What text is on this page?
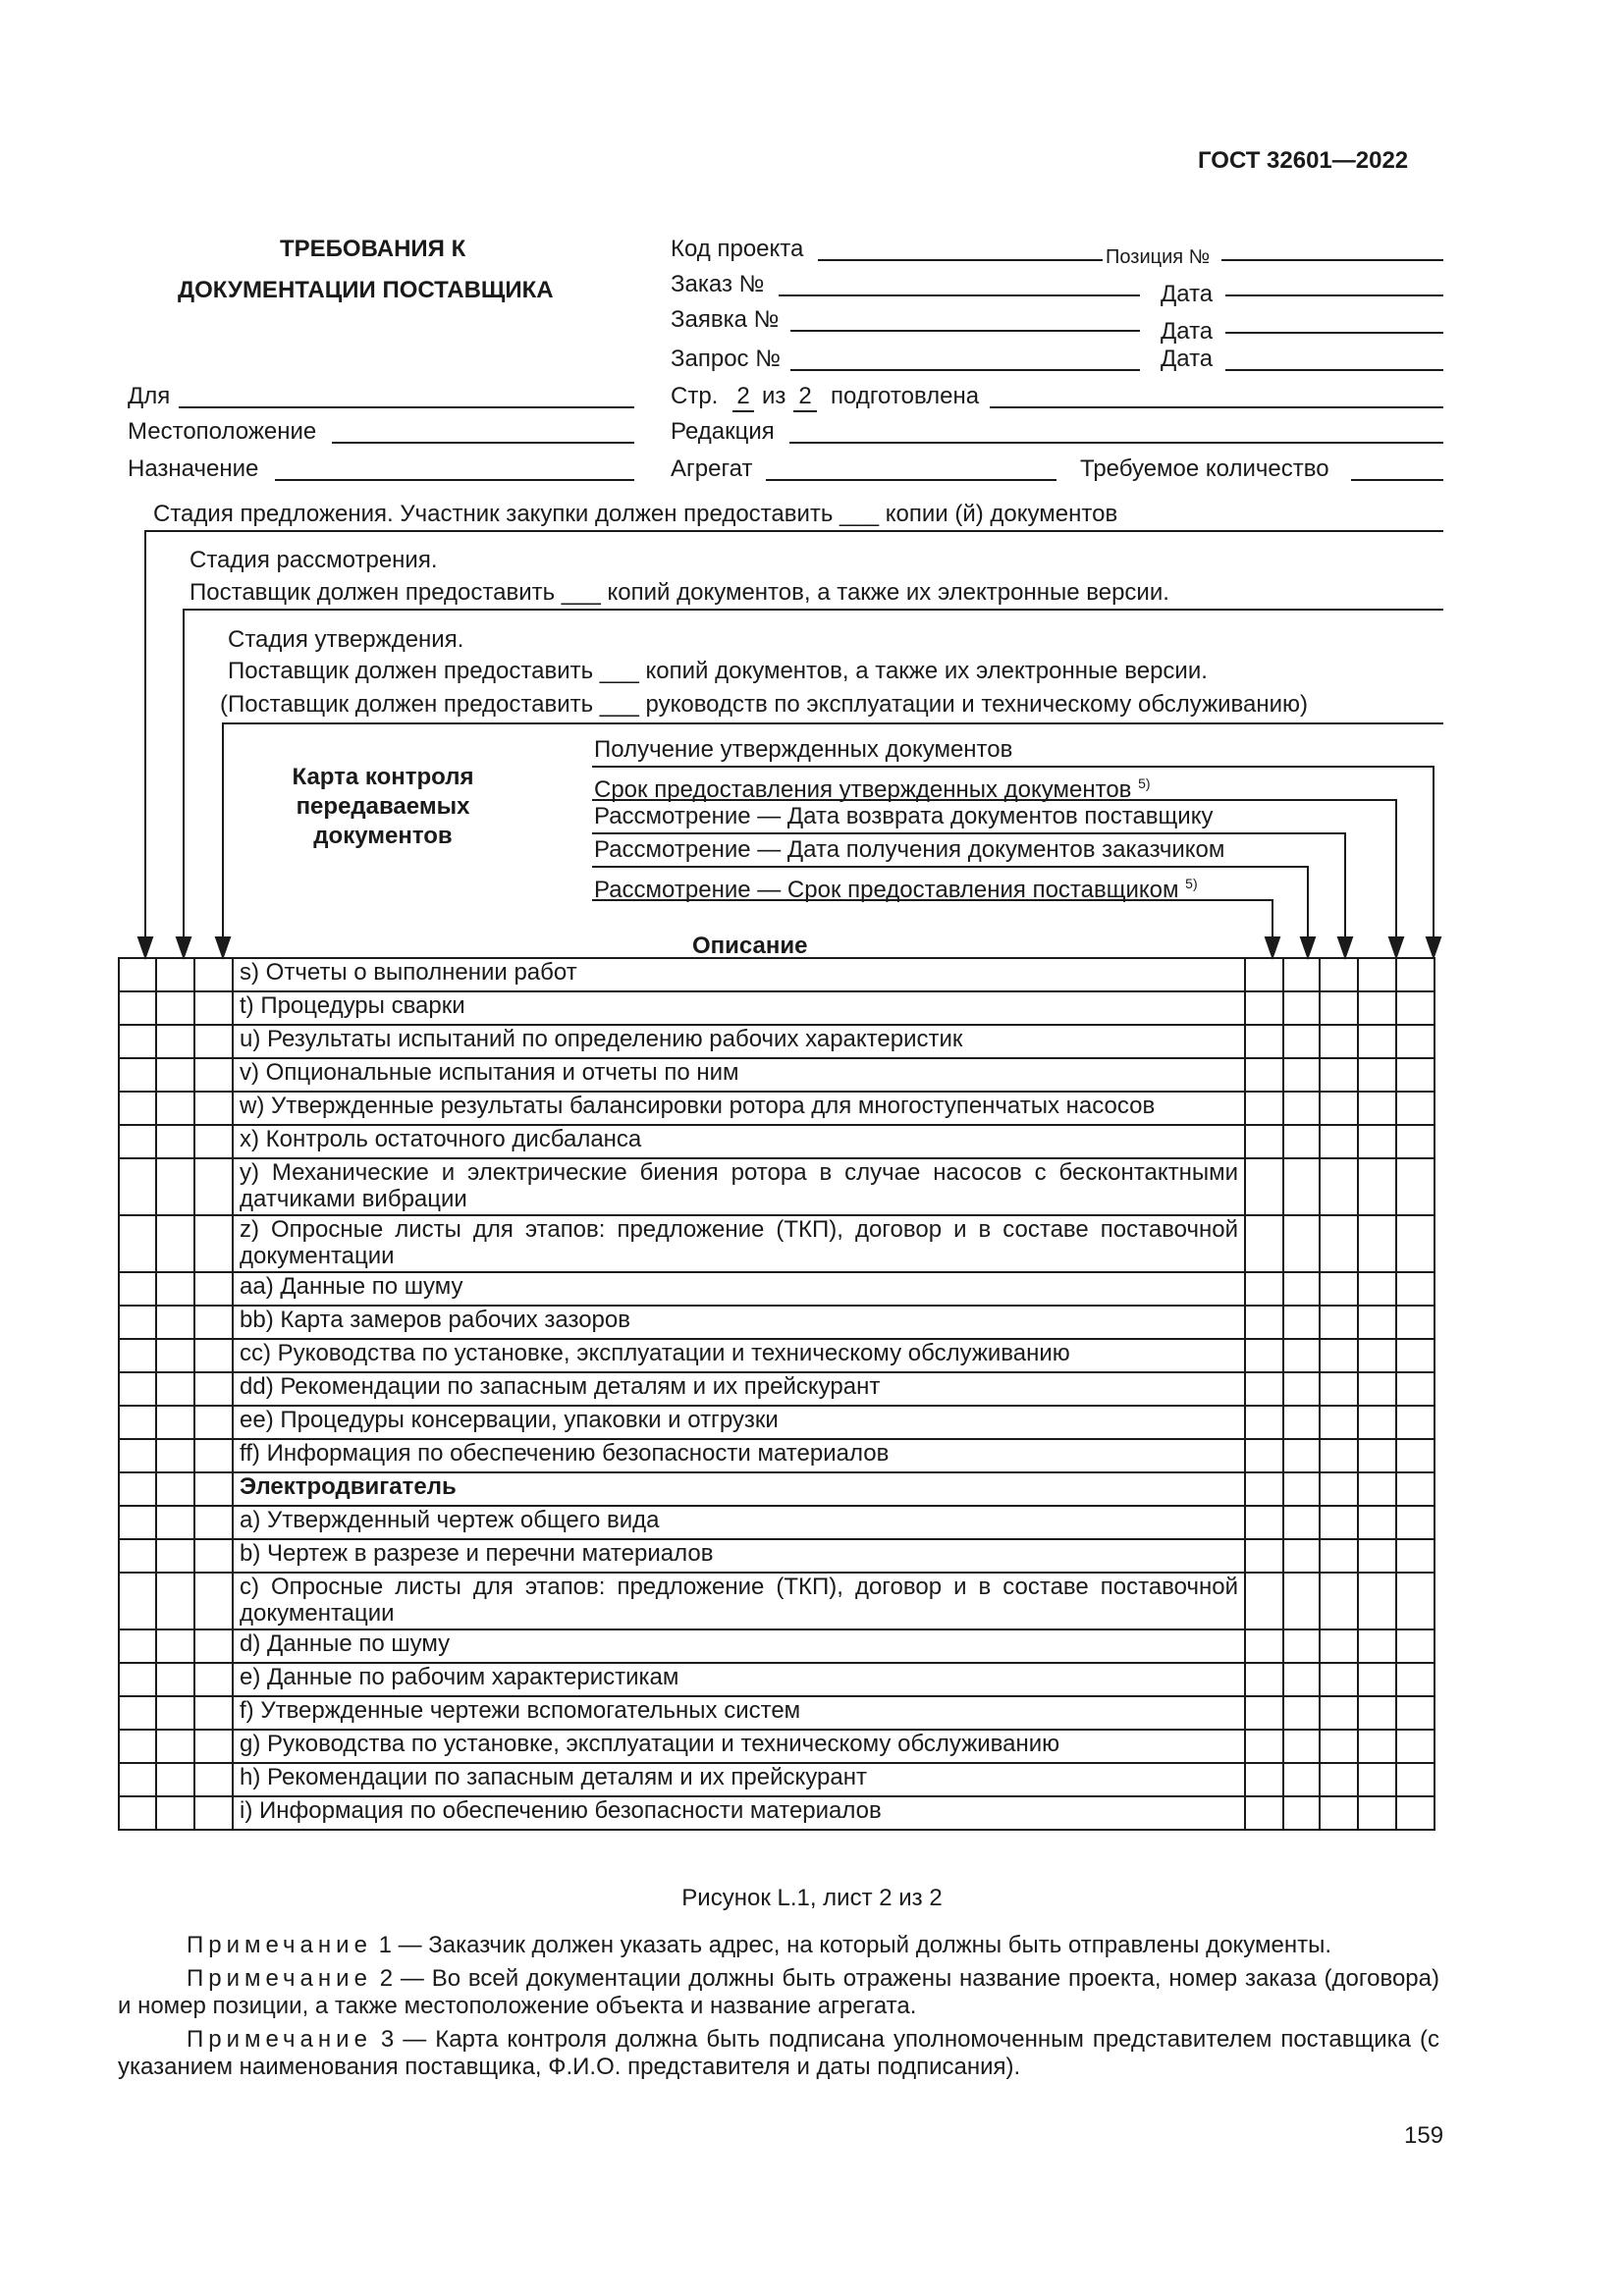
ГОСТ 32601—2022
ТРЕБОВАНИЯ К
ДОКУМЕНТАЦИИ ПОСТАВЩИКА
Код проекта	Позиция №
Заказ №	Дата
Заявка №	Дата
Запрос №	Дата
Для
Местоположение
Назначение
Стр. 2 из 2 подготовлена
Редакция
Агрегат	Требуемое количество
Стадия предложения. Участник закупки должен предоставить ___ копии (й) документов
Стадия рассмотрения.
Поставщик должен предоставить ___ копий документов, а также их электронные версии.
Стадия утверждения.
Поставщик должен предоставить ___ копий документов, а также их электронные версии.
(Поставщик должен предоставить ___ руководств по эксплуатации и техническому обслуживанию)
Карта контроля
передаваемых
документов
Получение утвержденных документов
Срок предоставления утвержденных документов $^{5)}$
Рассмотрение — Дата возврата документов поставщику
Рассмотрение — Дата получения документов заказчиком
Рассмотрение — Срок предоставления поставщиком $^{5)}$
Описание
			s) Отчеты о выполнении работ					
			t) Процедуры сварки					
			u) Результаты испытаний по определению рабочих характеристик					
			v) Опциональные испытания и отчеты по ним					
			w) Утвержденные результаты балансировки ротора для многоступенчатых насосов					
			x) Контроль остаточного дисбаланса					
			y) Механические и электрические биения ротора в случае насосов с бесконтактными датчиками вибрации					
			z) Опросные листы для этапов: предложение (ТКП), договор и в составе поставочной документации					
			aa) Данные по шуму					
			bb) Карта замеров рабочих зазоров					
			cc) Руководства по установке, эксплуатации и техническому обслуживанию					
			dd) Рекомендации по запасным деталям и их прейскурант					
			ee) Процедуры консервации, упаковки и отгрузки					
			ff) Информация по обеспечению безопасности материалов					
			Электродвигатель					
			a) Утвержденный чертеж общего вида					
			b) Чертеж в разрезе и перечни материалов					
			c) Опросные листы для этапов: предложение (ТКП), договор и в составе поставочной документации					
			d) Данные по шуму					
			e) Данные по рабочим характеристикам					
			f) Утвержденные чертежи вспомогательных систем					
			g) Руководства по установке, эксплуатации и техническому обслуживанию					
			h) Рекомендации по запасным деталям и их прейскурант					
			i) Информация по обеспечению безопасности материалов					
Рисунок L.1, лист 2 из 2
Примечание 1 — Заказчик должен указать адрес, на который должны быть отправлены документы.
Примечание 2 — Во всей документации должны быть отражены название проекта, номер заказа (договора) и номер позиции, а также местоположение объекта и название агрегата.
Примечание 3 — Карта контроля должна быть подписана уполномоченным представителем поставщика (с указанием наименования поставщика, Ф.И.О. представителя и даты подписания).
159
